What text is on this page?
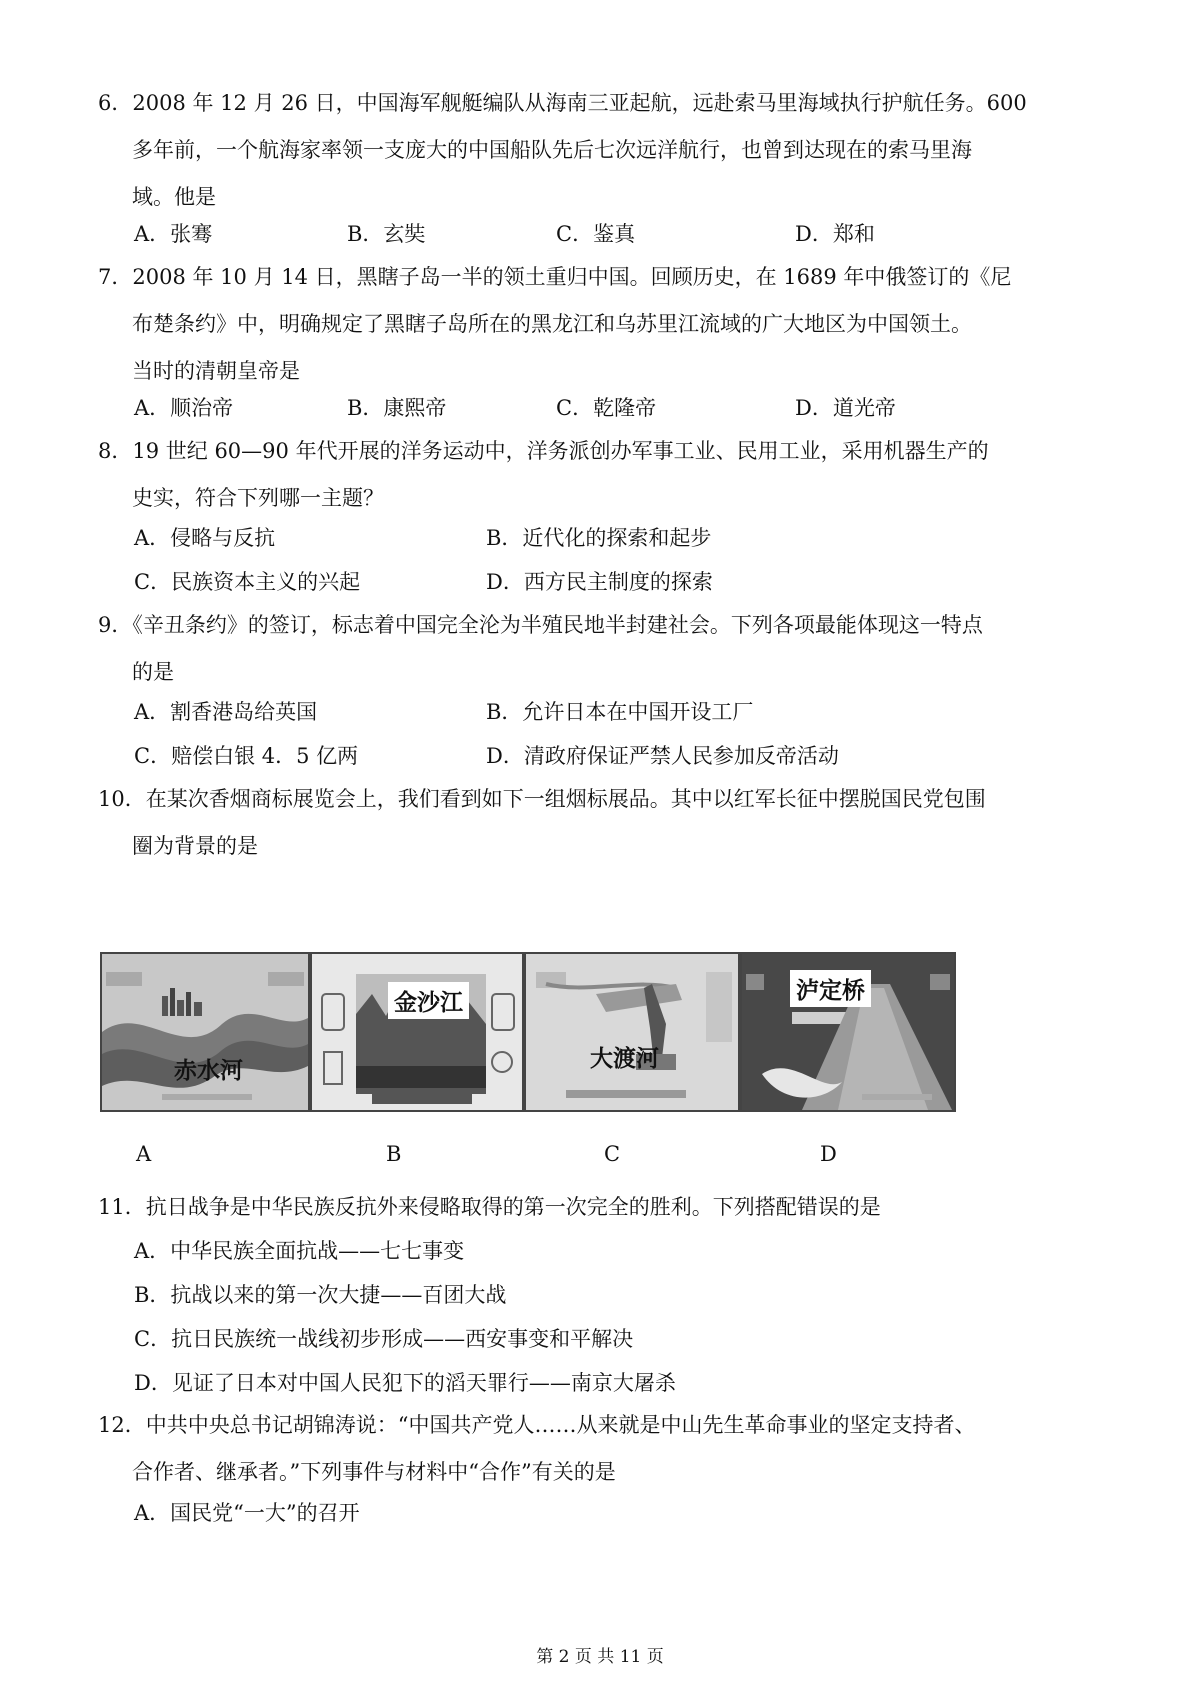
6．2008 年 12 月 26 日，中国海军舰艇编队从海南三亚起航，远赴索马里海域执行护航任务。600
多年前，一个航海家率领一支庞大的中国船队先后七次远洋航行，也曾到达现在的索马里海
域。他是
A．张骞	B．玄奘	C．鉴真	D．郑和
7．2008 年 10 月 14 日，黑瞎子岛一半的领土重归中国。回顾历史，在 1689 年中俄签订的《尼
布楚条约》中，明确规定了黑瞎子岛所在的黑龙江和乌苏里江流域的广大地区为中国领土。
当时的清朝皇帝是
A．顺治帝	B．康熙帝	C．乾隆帝	D．道光帝
8．19 世纪 60—90 年代开展的洋务运动中，洋务派创办军事工业、民用工业，采用机器生产的
史实，符合下列哪一主题？
A．侵略与反抗	B．近代化的探索和起步
C．民族资本主义的兴起	D．西方民主制度的探索
9．《辛丑条约》的签订，标志着中国完全沦为半殖民地半封建社会。下列各项最能体现这一特点
的是
A．割香港岛给英国	B．允许日本在中国开设工厂
C．赔偿白银 4．5 亿两	D．清政府保证严禁人民参加反帝活动
10．在某次香烟商标展览会上，我们看到如下一组烟标展品。其中以红军长征中摆脱国民党包围
圈为背景的是
赤水河
金沙江
大渡河
泸定桥
A	B	C	D
11．抗日战争是中华民族反抗外来侵略取得的第一次完全的胜利。下列搭配错误的是
A．中华民族全面抗战——七七事变
B．抗战以来的第一次大捷——百团大战
C．抗日民族统一战线初步形成——西安事变和平解决
D．见证了日本对中国人民犯下的滔天罪行——南京大屠杀
12．中共中央总书记胡锦涛说：“中国共产党人……从来就是中山先生革命事业的坚定支持者、
合作者、继承者。”下列事件与材料中“合作”有关的是
A．国民党“一大”的召开
第 2 页 共 11 页
